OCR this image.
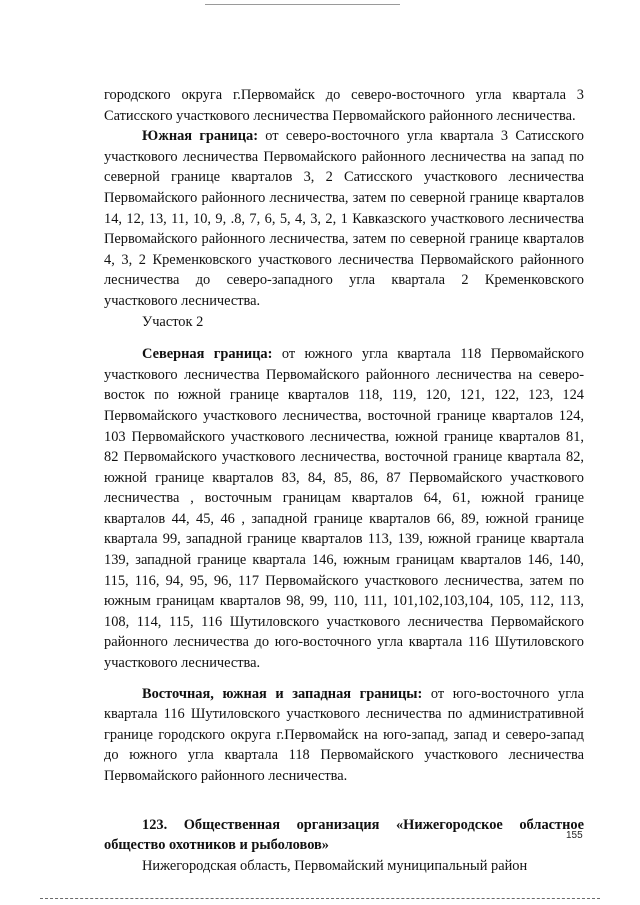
городского округа г.Первомайск до северо-восточного угла квартала 3 Сатисского участкового лесничества Первомайского районного лесничества.

Южная граница: от северо-восточного угла квартала 3 Сатисского участкового лесничества Первомайского районного лесничества на запад по северной границе кварталов 3, 2 Сатисского участкового лесничества Первомайского районного лесничества, затем по северной границе кварталов 14, 12, 13, 11, 10, 9, .8, 7, 6, 5, 4, 3, 2, 1 Кавказского участкового лесничества Первомайского районного лесничества, затем по северной границе кварталов 4, 3, 2 Кременковского участкового лесничества Первомайского районного лесничества до северо-западного угла квартала 2 Кременковского участкового лесничества.

Участок 2

Северная граница: от южного угла квартала 118 Первомайского участкового лесничества Первомайского районного лесничества на северо-восток по южной границе кварталов 118, 119, 120, 121, 122, 123, 124 Первомайского участкового лесничества, восточной границе кварталов 124, 103 Первомайского участкового лесничества, южной границе кварталов 81, 82 Первомайского участкового лесничества, восточной границе квартала 82, южной границе кварталов 83, 84, 85, 86, 87 Первомайского участкового лесничества , восточным границам кварталов 64, 61, южной границе кварталов 44, 45, 46 , западной границе кварталов 66, 89, южной границе квартала 99, западной границе кварталов 113, 139, южной границе квартала 139, западной границе квартала 146, южным границам кварталов 146, 140, 115, 116, 94, 95, 96, 117 Первомайского участкового лесничества, затем по южным границам кварталов 98, 99, 110, 111, 101,102,103,104, 105, 112, 113, 108, 114, 115, 116 Шутиловского участкового лесничества Первомайского районного лесничества до юго-восточного угла квартала 116 Шутиловского участкового лесничества.

Восточная, южная и западная границы: от юго-восточного угла квартала 116 Шутиловского участкового лесничества по административной границе городского округа г.Первомайск на юго-запад, запад и северо-запад до южного угла квартала 118 Первомайского участкового лесничества Первомайского районного лесничества.

123. Общественная организация «Нижегородское областное общество охотников и рыболовов»

Нижегородская область, Первомайский муниципальный район

155
